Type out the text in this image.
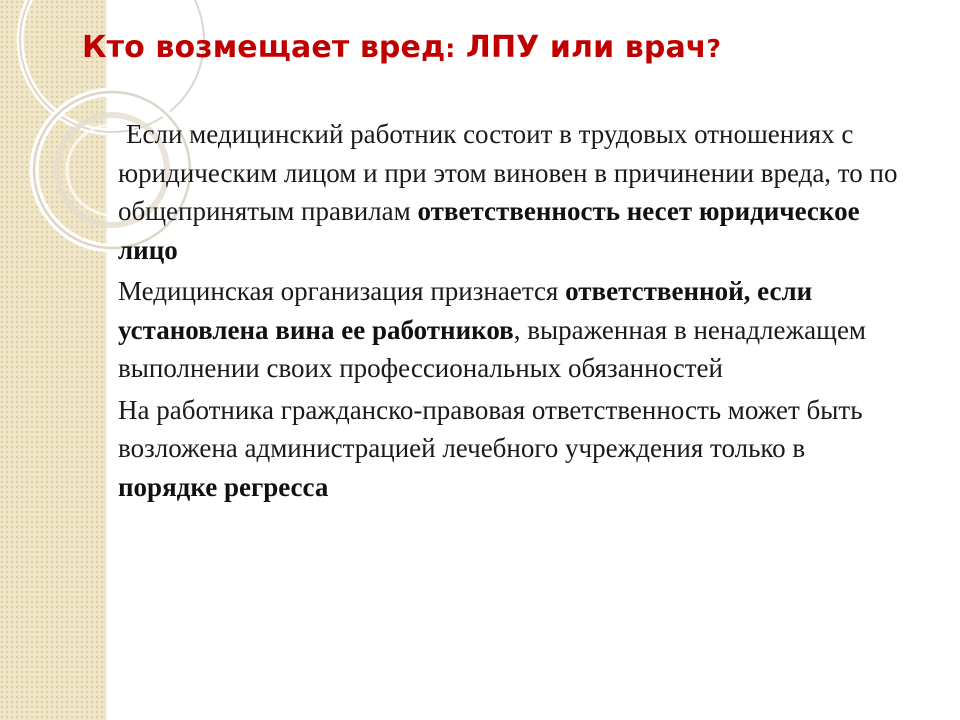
Кто возмещает вред: ЛПУ или врач?
Если медицинский работник состоит в трудовых отношениях с юридическим лицом и при этом виновен в причинении вреда, то по общепринятым правилам ответственность несет юридическое лицо
Медицинская организация признается ответственной, если установлена вина ее работников, выраженная в ненадлежащем выполнении своих профессиональных обязанностей
На работника гражданско-правовая ответственность может быть возложена администрацией лечебного учреждения только в порядке регресса
